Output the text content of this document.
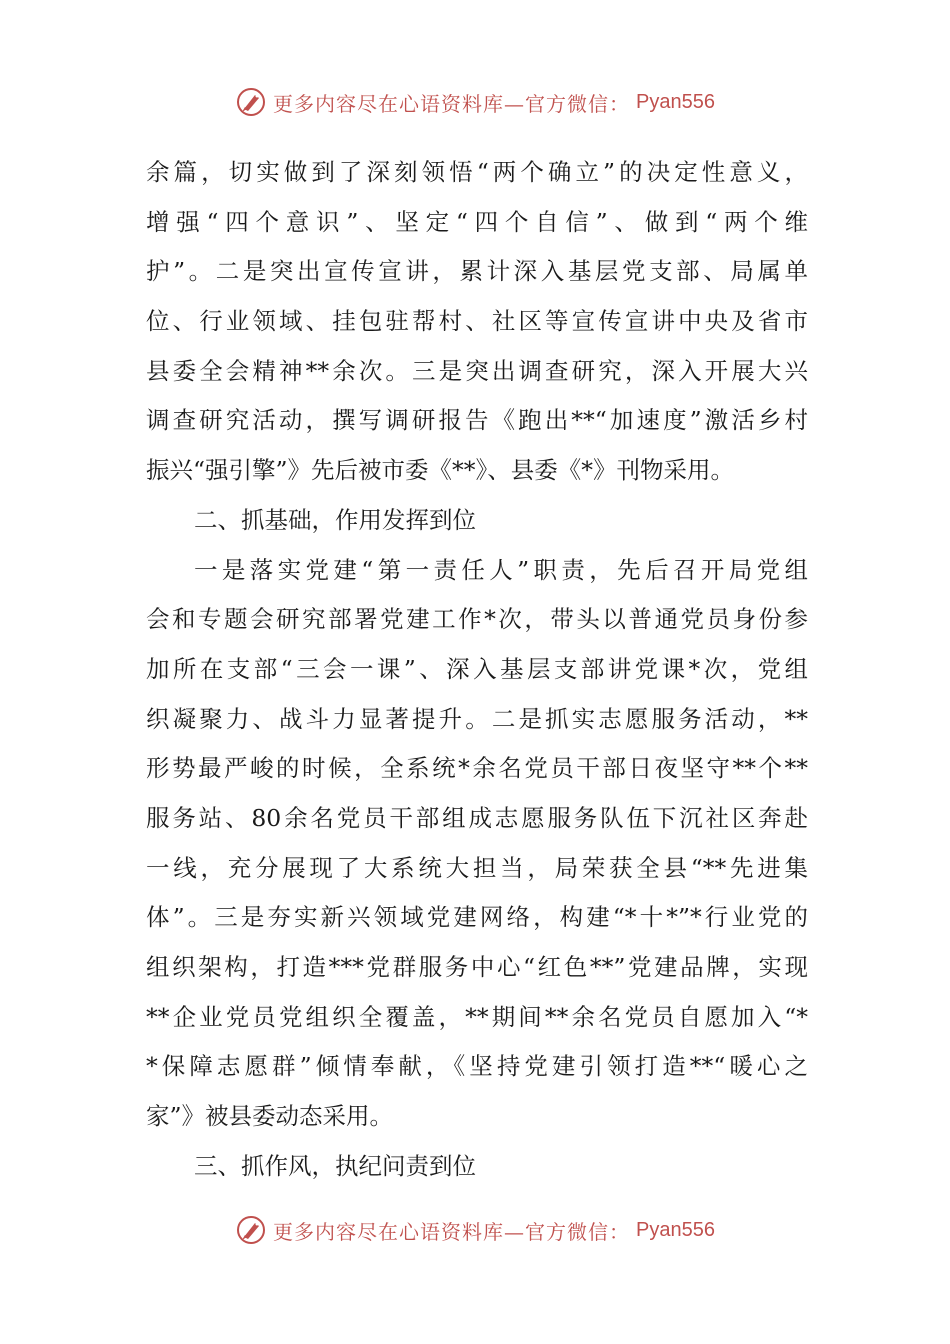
更多内容尽在心语资料库—官方微信： Pyan556
余篇，切实做到了深刻领悟“两个确立”的决定性意义，
增强“四个意识”、坚定“四个自信”、做到“两个维
护”。二是突出宣传宣讲，累计深入基层党支部、局属单
位、行业领域、挂包驻帮村、社区等宣传宣讲中央及省市
县委全会精神**余次。三是突出调查研究，深入开展大兴
调查研究活动，撰写调研报告《跑出**“加速度”激活乡村
振兴“强引擎”》先后被市委《**》、县委《*》刊物采用。
二、抓基础，作用发挥到位
一是落实党建“第一责任人”职责，先后召开局党组
会和专题会研究部署党建工作*次，带头以普通党员身份参
加所在支部“三会一课”、深入基层支部讲党课*次，党组
织凝聚力、战斗力显著提升。二是抓实志愿服务活动，**
形势最严峻的时候，全系统*余名党员干部日夜坚守**个**
服务站、80余名党员干部组成志愿服务队伍下沉社区奔赴
一线，充分展现了大系统大担当，局荣获全县“**先进集
体”。三是夯实新兴领域党建网络，构建“*十*”*行业党的
组织架构，打造***党群服务中心“红色**”党建品牌，实现
**企业党员党组织全覆盖，**期间**余名党员自愿加入“*
*保障志愿群”倾情奉献，《坚持党建引领打造**“暖心之
家”》被县委动态采用。
三、抓作风，执纪问责到位
更多内容尽在心语资料库—官方微信： Pyan556
